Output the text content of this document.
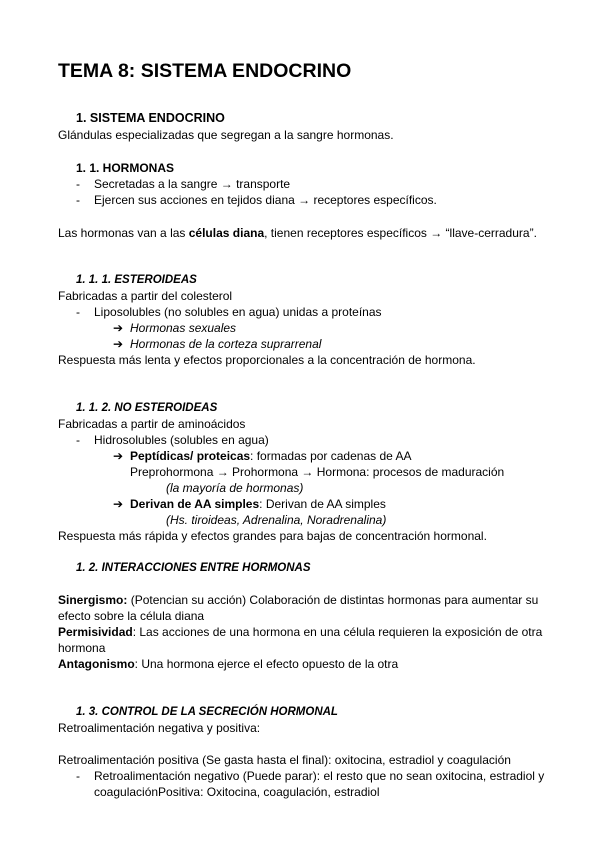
TEMA 8: SISTEMA ENDOCRINO
1. SISTEMA ENDOCRINO
Glándulas especializadas que segregan a la sangre hormonas.
1. 1. HORMONAS
- Secretadas a la sangre → transporte
- Ejercen sus acciones en tejidos diana → receptores específicos.
Las hormonas van a las células diana, tienen receptores específicos → “llave-cerradura”.
1. 1. 1. ESTEROIDEAS
Fabricadas a partir del colesterol
- Liposolubles (no solubles en agua) unidas a proteínas
➔ Hormonas sexuales
➔ Hormonas de la corteza suprarrenal
Respuesta más lenta y efectos proporcionales a la concentración de hormona.
1. 1. 2. NO ESTEROIDEAS
Fabricadas a partir de aminoácidos
- Hidrosolubles (solubles en agua)
➔ Peptídicas/ proteicas: formadas por cadenas de AA
Preprohormona → Prohormona → Hormona: procesos de maduración
(la mayoría de hormonas)
➔ Derivan de AA simples: Derivan de AA simples
(Hs. tiroideas, Adrenalina, Noradrenalina)
Respuesta más rápida y efectos grandes para bajas de concentración hormonal.
1. 2. INTERACCIONES ENTRE HORMONAS
Sinergismo: (Potencian su acción) Colaboración de distintas hormonas para aumentar su
efecto sobre la célula diana
Permisividad: Las acciones de una hormona en una célula requieren la exposición de otra
hormona
Antagonismo: Una hormona ejerce el efecto opuesto de la otra
1. 3. CONTROL DE LA SECRECIÓN HORMONAL
Retroalimentación negativa y positiva:
Retroalimentación positiva (Se gasta hasta el final): oxitocina, estradiol y coagulación
- Retroalimentación negativo (Puede parar): el resto que no sean oxitocina, estradiol y
coagulaciónPositiva: Oxitocina, coagulación, estradiol
